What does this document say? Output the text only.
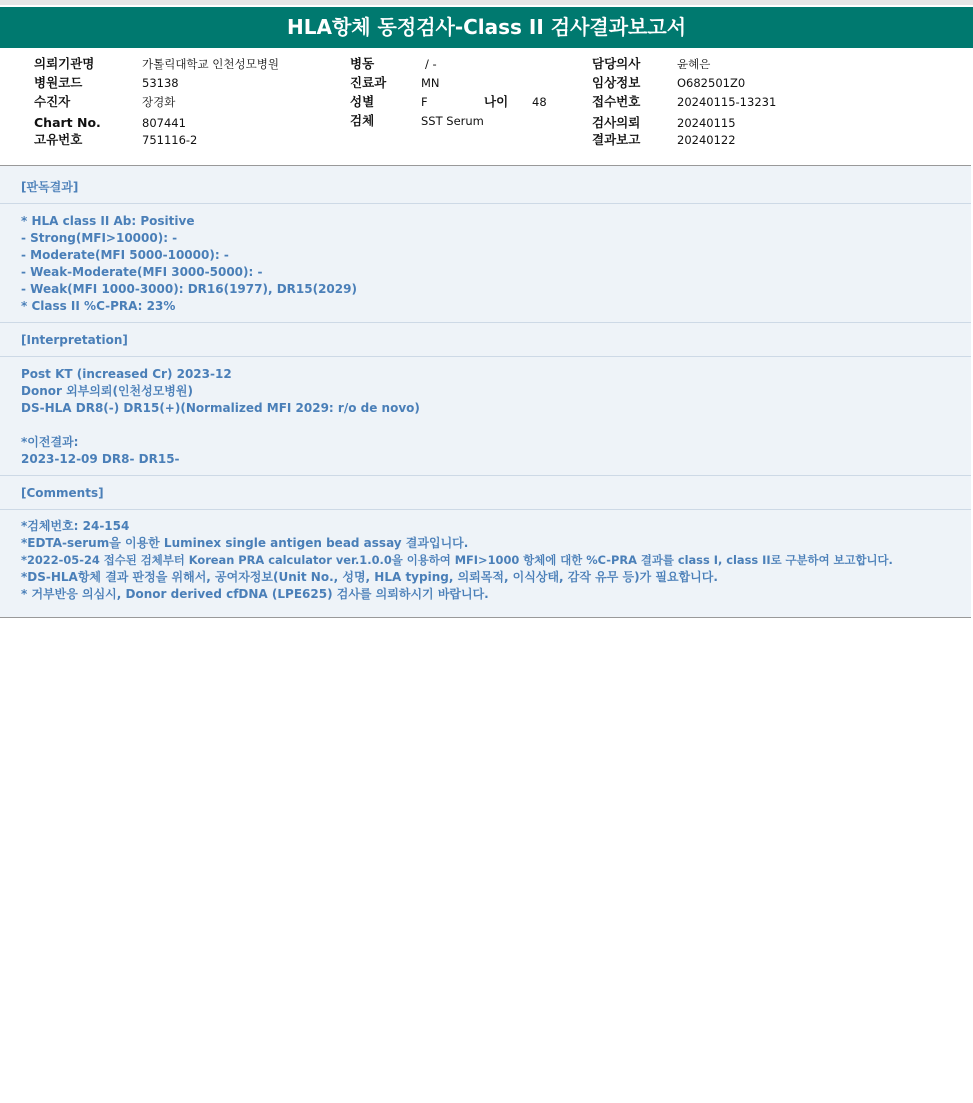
HLA항체 동정검사-Class II 검사결과보고서
의뢰기관명	가톨릭대학교 인천성모병원
병원코드	53138
수진자	장경화
Chart No.	807441
고유번호	751116-2
병동	/ -
진료과	MN
성별	F	나이 48
검체	SST Serum
담당의사	윤혜은
임상정보	O682501Z0
접수번호	20240115-13231
검사의뢰	20240115
결과보고	20240122
[판독결과]
* HLA class II Ab: Positive
- Strong(MFI>10000): -
- Moderate(MFI 5000-10000): -
- Weak-Moderate(MFI 3000-5000): -
- Weak(MFI 1000-3000): DR16(1977), DR15(2029)
* Class II %C-PRA: 23%
[Interpretation]
Post KT (increased Cr) 2023-12
Donor 외부의뢰(인천성모병원)
DS-HLA DR8(-) DR15(+)(Normalized MFI 2029: r/o de novo)
*이전결과:
2023-12-09 DR8- DR15-
[Comments]
*검체번호: 24-154
*EDTA-serum을 이용한 Luminex single antigen bead assay 결과입니다.
*2022-05-24 접수된 검체부터 Korean PRA calculator ver.1.0.0을 이용하여 MFI>1000 항체에 대한 %C-PRA 결과를 class I, class II로 구분하여 보고합니다.
*DS-HLA항체 결과 판정을 위해서, 공여자정보(Unit No., 성명, HLA typing, 의뢰목적, 이식상태, 감작 유무 등)가 필요합니다.
* 거부반응 의심시, Donor derived cfDNA (LPE625) 검사를 의뢰하시기 바랍니다.
